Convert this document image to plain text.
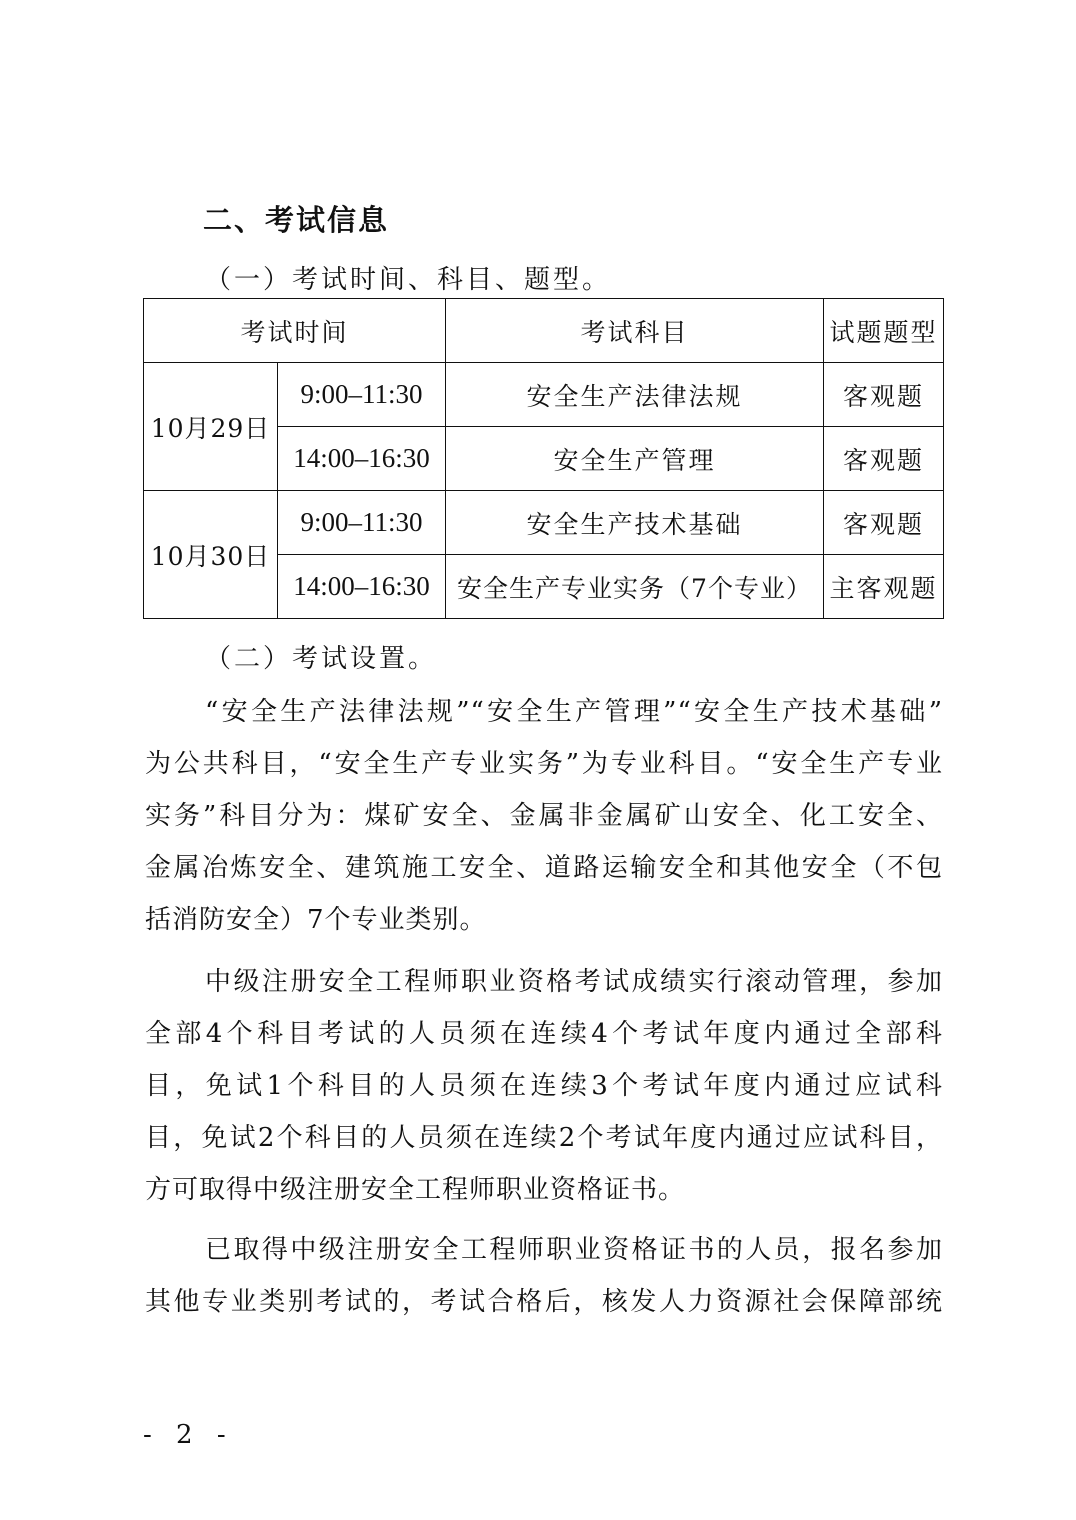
二、考试信息
（一）考试时间、科目、题型。
考试时间		考试科目	试题题型
10月29日	9:00–11:30	安全生产法律法规	客观题
	14:00–16:30	安全生产管理	客观题
10月30日	9:00–11:30	安全生产技术基础	客观题
	14:00–16:30	安全生产专业实务（7个专业）	主客观题
（二）考试设置。
“安全生产法律法规”“安全生产管理”“安全生产技术基础”
为公共科目，“安全生产专业实务”为专业科目。“安全生产专业
实务”科目分为：煤矿安全、金属非金属矿山安全、化工安全、
金属冶炼安全、建筑施工安全、道路运输安全和其他安全（不包
括消防安全）7个专业类别。
中级注册安全工程师职业资格考试成绩实行滚动管理，参加
全部4个科目考试的人员须在连续4个考试年度内通过全部科
目，免试1个科目的人员须在连续3个考试年度内通过应试科
目，免试2个科目的人员须在连续2个考试年度内通过应试科目，
方可取得中级注册安全工程师职业资格证书。
已取得中级注册安全工程师职业资格证书的人员，报名参加
其他专业类别考试的，考试合格后，核发人力资源社会保障部统
- 2 -
